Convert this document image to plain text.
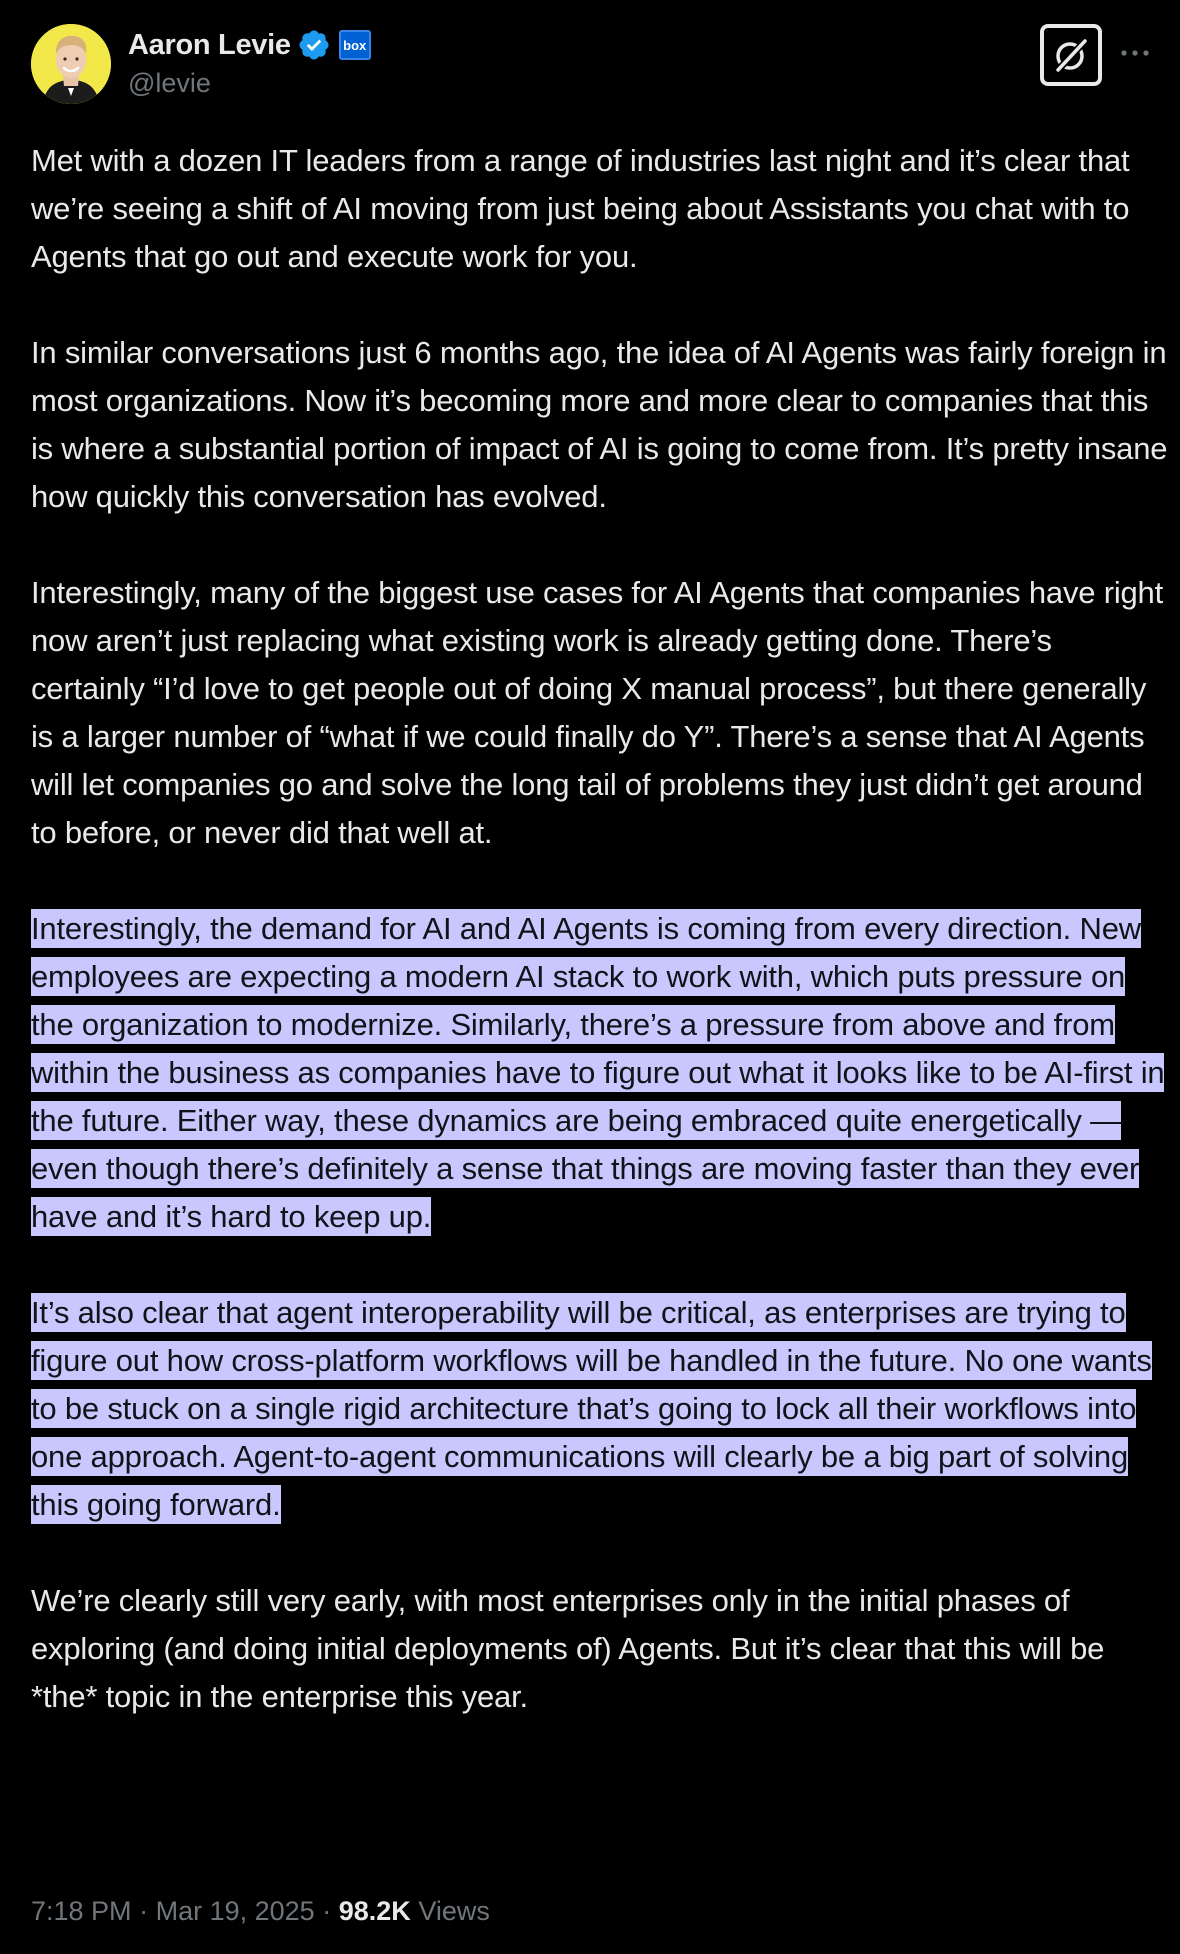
Aaron Levie	box
@levie

Met with a dozen IT leaders from a range of industries last night and it’s clear that we’re seeing a shift of AI moving from just being about Assistants you chat with to Agents that go out and execute work for you.

In similar conversations just 6 months ago, the idea of AI Agents was fairly foreign in most organizations. Now it’s becoming more and more clear to companies that this is where a substantial portion of impact of AI is going to come from. It’s pretty insane how quickly this conversation has evolved.

Interestingly, many of the biggest use cases for AI Agents that companies have right now aren’t just replacing what existing work is already getting done. There’s certainly “I’d love to get people out of doing X manual process”, but there generally is a larger number of “what if we could finally do Y”. There’s a sense that AI Agents will let companies go and solve the long tail of problems they just didn’t get around to before, or never did that well at.

Interestingly, the demand for AI and AI Agents is coming from every direction. New employees are expecting a modern AI stack to work with, which puts pressure on the organization to modernize. Similarly, there’s a pressure from above and from within the business as companies have to figure out what it looks like to be AI-first in the future. Either way, these dynamics are being embraced quite energetically — even though there’s definitely a sense that things are moving faster than they ever have and it’s hard to keep up.

It’s also clear that agent interoperability will be critical, as enterprises are trying to figure out how cross-platform workflows will be handled in the future. No one wants to be stuck on a single rigid architecture that’s going to lock all their workflows into one approach. Agent-to-agent communications will clearly be a big part of solving this going forward.

We’re clearly still very early, with most enterprises only in the initial phases of exploring (and doing initial deployments of) Agents. But it’s clear that this will be *the* topic in the enterprise this year.

7:18 PM · Mar 19, 2025 · 98.2K Views
